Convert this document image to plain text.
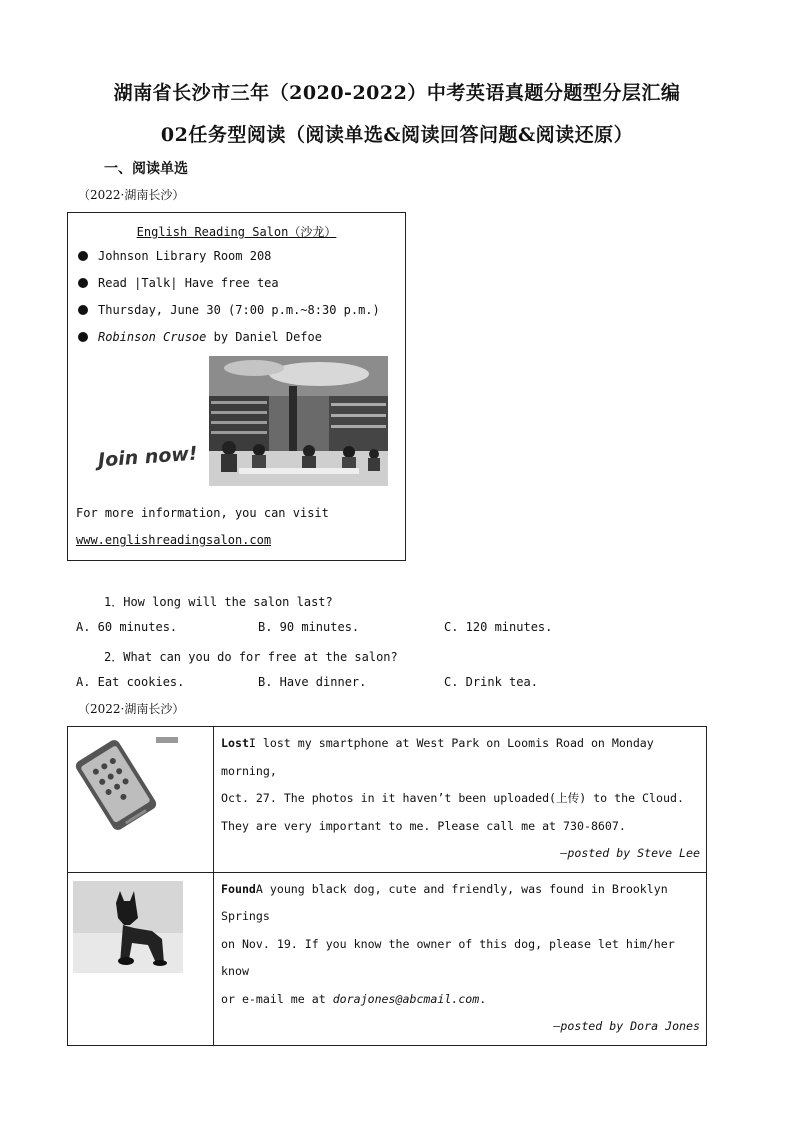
湖南省长沙市三年（2020-2022）中考英语真题分题型分层汇编
02任务型阅读（阅读单选&阅读回答问题&阅读还原）
一、阅读单选
（2022·湖南长沙）
English Reading Salon（沙龙）
Johnson Library Room 208
Read |Talk| Have free tea
Thursday, June 30 (7:00 p.m.~8:30 p.m.)
Robinson Crusoe by Daniel Defoe
Join now!
For more information, you can visit
www.englishreadingsalon.com
1．How long will the salon last?
A. 60 minutes.	B. 90 minutes.	C. 120 minutes.
2．What can you do for free at the salon?
A. Eat cookies.	B. Have dinner.	C. Drink tea.
（2022·湖南长沙）

LostI lost my smartphone at West Park on Loomis Road on Monday morning,
Oct. 27. The photos in it haven’t been uploaded(上传) to the Cloud.
They are very important to me. Please call me at 730-8607.
—posted by Steve Lee

FoundA young black dog, cute and friendly, was found in Brooklyn Springs
on Nov. 19. If you know the owner of this dog, please let him/her know
or e-mail me at dorajones@abcmail.com.
—posted by Dora Jones
